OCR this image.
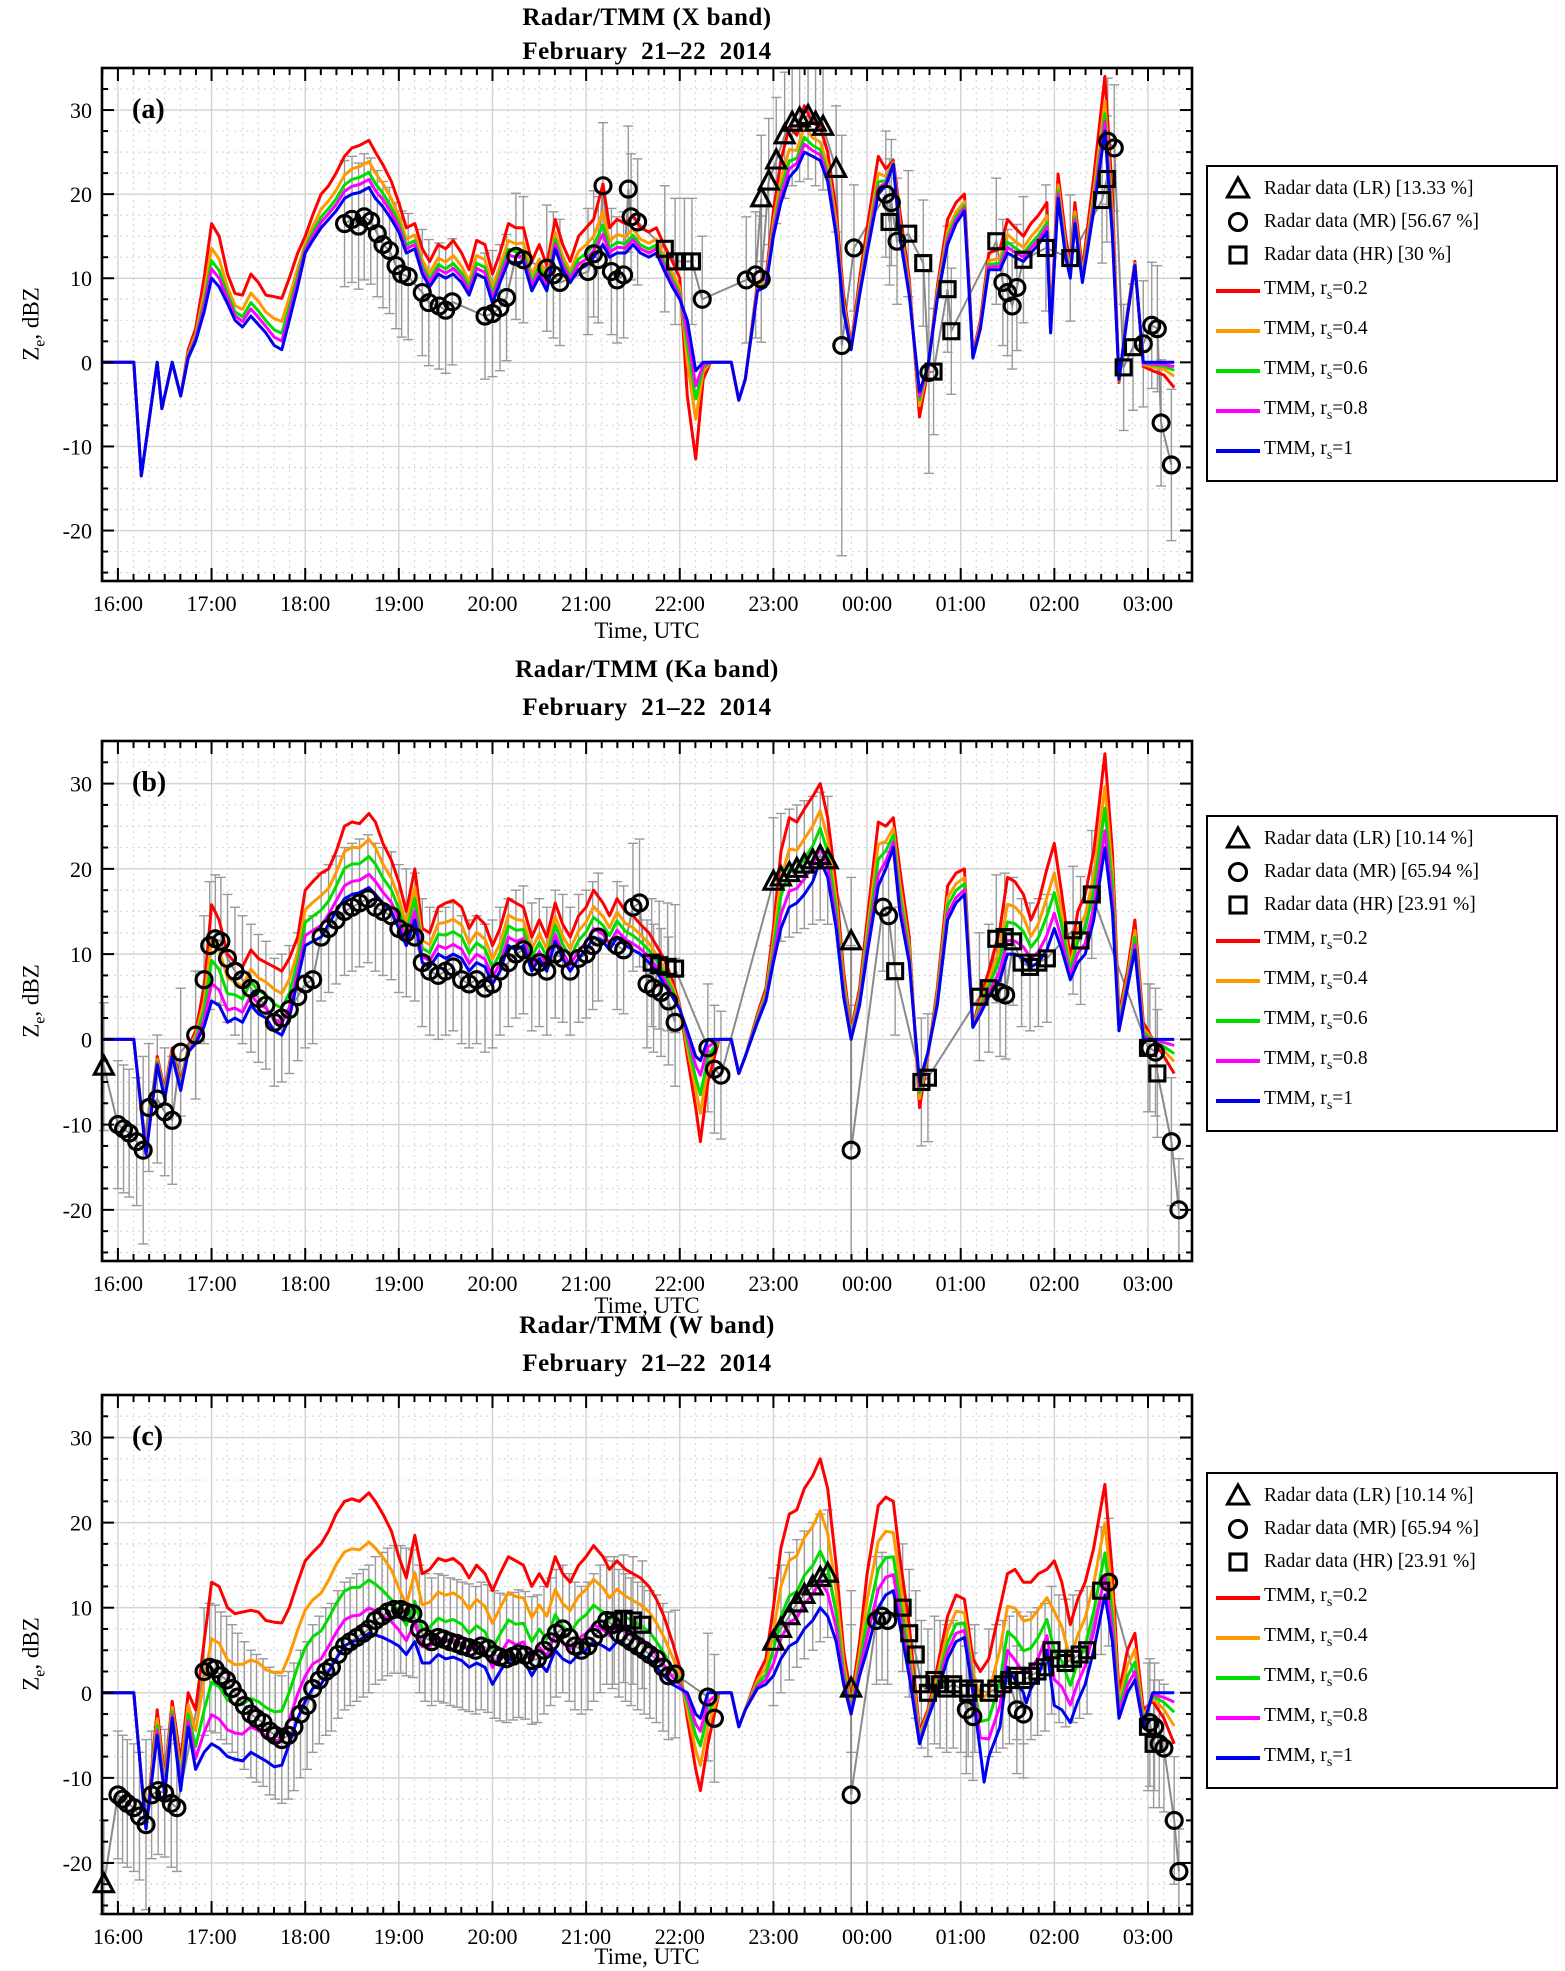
Radar/TMM (X band)
February  21–22  2014
$Z_e$, dBZ
16:00 17:00 18:00 19:00 20:00 21:00 22:00 23:00 00:00 01:00 02:00 03:00
-20
-10
0
10
20
30 (a)
Time, UTC
Radar data (LR) [13.33 %]
Radar data (MR) [56.67 %]
Radar data (HR) [30 %]
TMM, $r_s=0.2$
TMM, $r_s=0.4$
TMM, $r_s=0.6$
TMM, $r_s=0.8$
TMM, $r_s=1$
Radar/TMM (Ka band)
February  21–22  2014
$Z_e$, dBZ
16:00 17:00 18:00 19:00 20:00 21:00 22:00 23:00 00:00 01:00 02:00 03:00
-20
-10
0
10
20
30 (b)
Time, UTC
Radar data (LR) [10.14 %]
Radar data (MR) [65.94 %]
Radar data (HR) [23.91 %]
TMM, $r_s=0.2$
TMM, $r_s=0.4$
TMM, $r_s=0.6$
TMM, $r_s=0.8$
TMM, $r_s=1$
Radar/TMM (W band)
February  21–22  2014
$Z_e$, dBZ
16:00 17:00 18:00 19:00 20:00 21:00 22:00 23:00 00:00 01:00 02:00 03:00
-20
-10
0
10
20
30 (c)
Time, UTC
Radar data (LR) [10.14 %]
Radar data (MR) [65.94 %]
Radar data (HR) [23.91 %]
TMM, $r_s=0.2$
TMM, $r_s=0.4$
TMM, $r_s=0.6$
TMM, $r_s=0.8$
TMM, $r_s=1$
